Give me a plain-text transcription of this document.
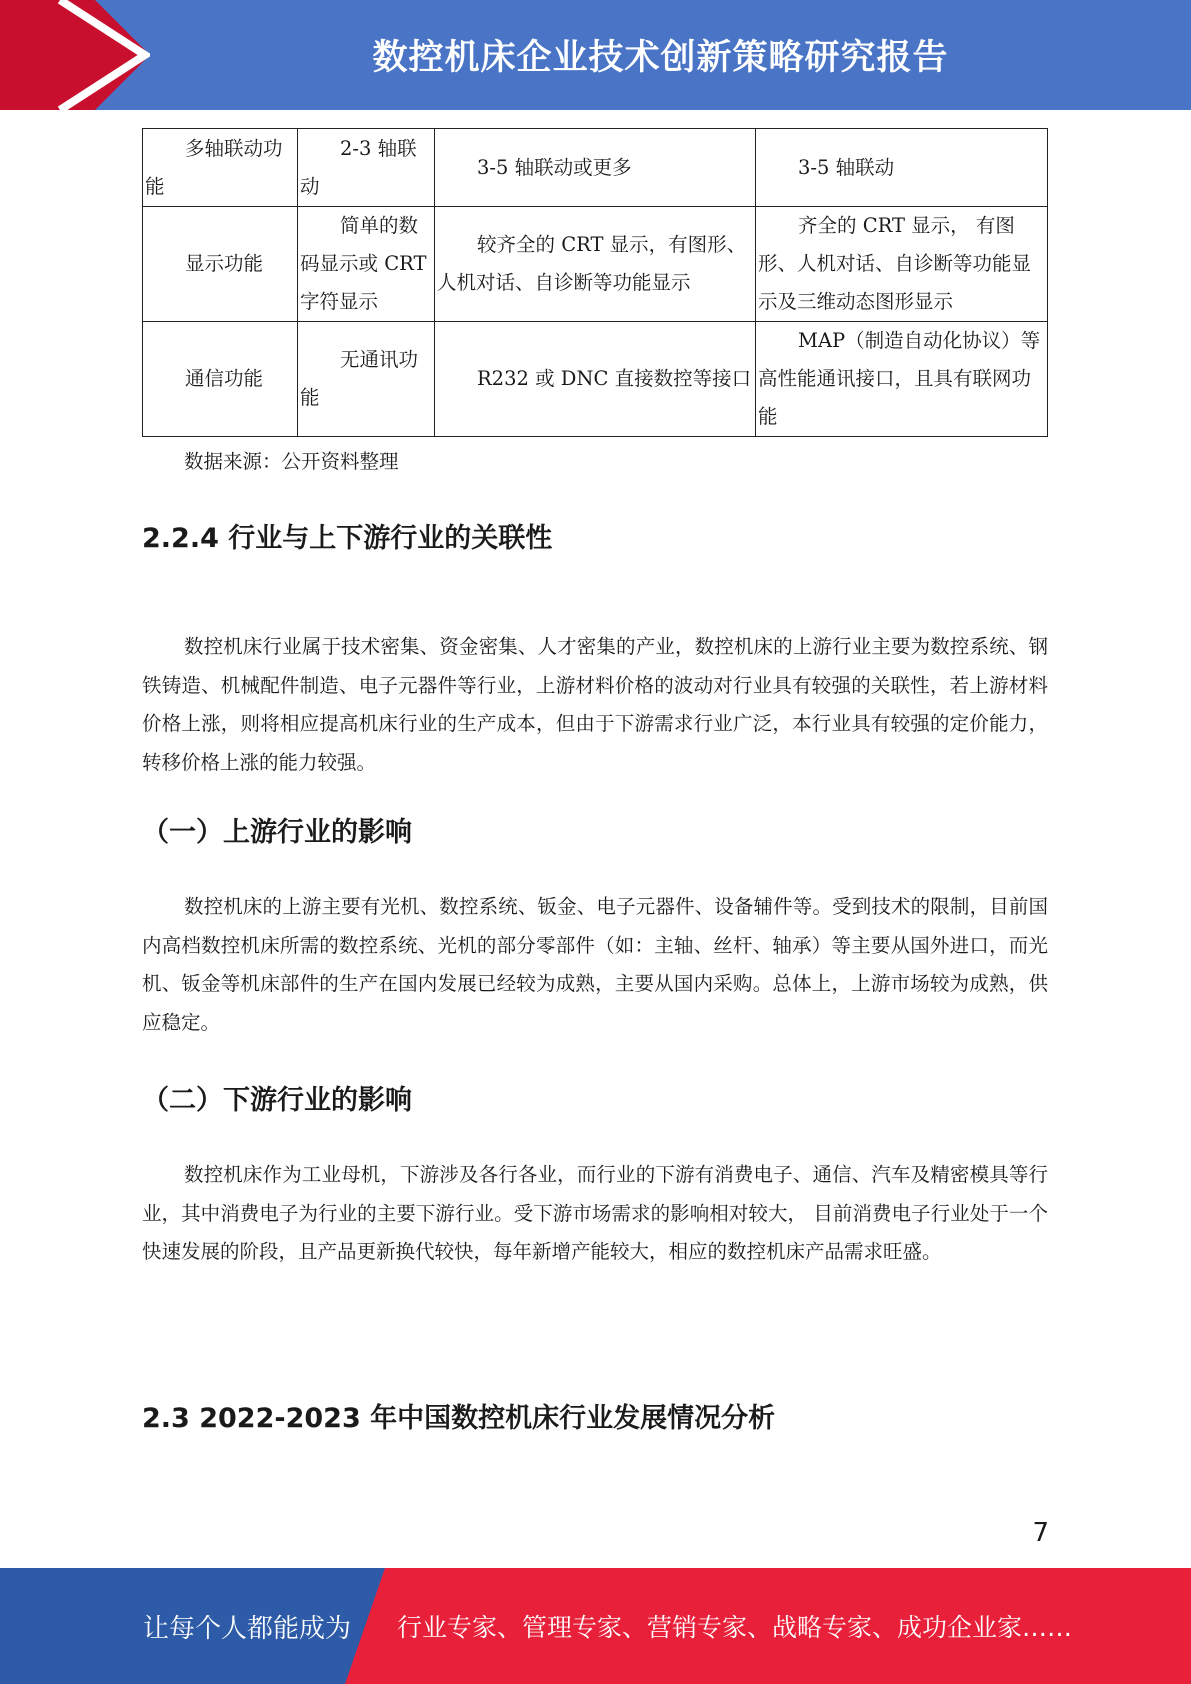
数控机床企业技术创新策略研究报告
多轴联动功能	2-3 轴联动	3-5 轴联动或更多	3-5 轴联动

显示功能	简单的数码显示或 CRT 字符显示	较齐全的 CRT 显示，有图形、人机对话、自诊断等功能显示	齐全的 CRT 显示， 有图形、人机对话、自诊断等功能显示及三维动态图形显示

通信功能	无通讯功能	R232 或 DNC 直接数控等接口	MAP（制造自动化协议）等高性能通讯接口，且具有联网功能
数据来源：公开资料整理
2.2.4 行业与上下游行业的关联性

数控机床行业属于技术密集、资金密集、人才密集的产业，数控机床的上游行业主要为数控系统、钢铁铸造、机械配件制造、电子元器件等行业，上游材料价格的波动对行业具有较强的关联性，若上游材料价格上涨，则将相应提高机床行业的生产成本，但由于下游需求行业广泛，本行业具有较强的定价能力，转移价格上涨的能力较强。

（一）上游行业的影响

数控机床的上游主要有光机、数控系统、钣金、电子元器件、设备辅件等。受到技术的限制，目前国内高档数控机床所需的数控系统、光机的部分零部件（如：主轴、丝杆、轴承）等主要从国外进口，而光机、钣金等机床部件的生产在国内发展已经较为成熟，主要从国内采购。总体上，上游市场较为成熟，供应稳定。

（二）下游行业的影响

数控机床作为工业母机，下游涉及各行各业，而行业的下游有消费电子、通信、汽车及精密模具等行业，其中消费电子为行业的主要下游行业。受下游市场需求的影响相对较大， 目前消费电子行业处于一个快速发展的阶段，且产品更新换代较快，每年新增产能较大，相应的数控机床产品需求旺盛。

2.3 2022-2023 年中国数控机床行业发展情况分析
7
让每个人都能成为 行业专家、管理专家、营销专家、战略专家、成功企业家……
